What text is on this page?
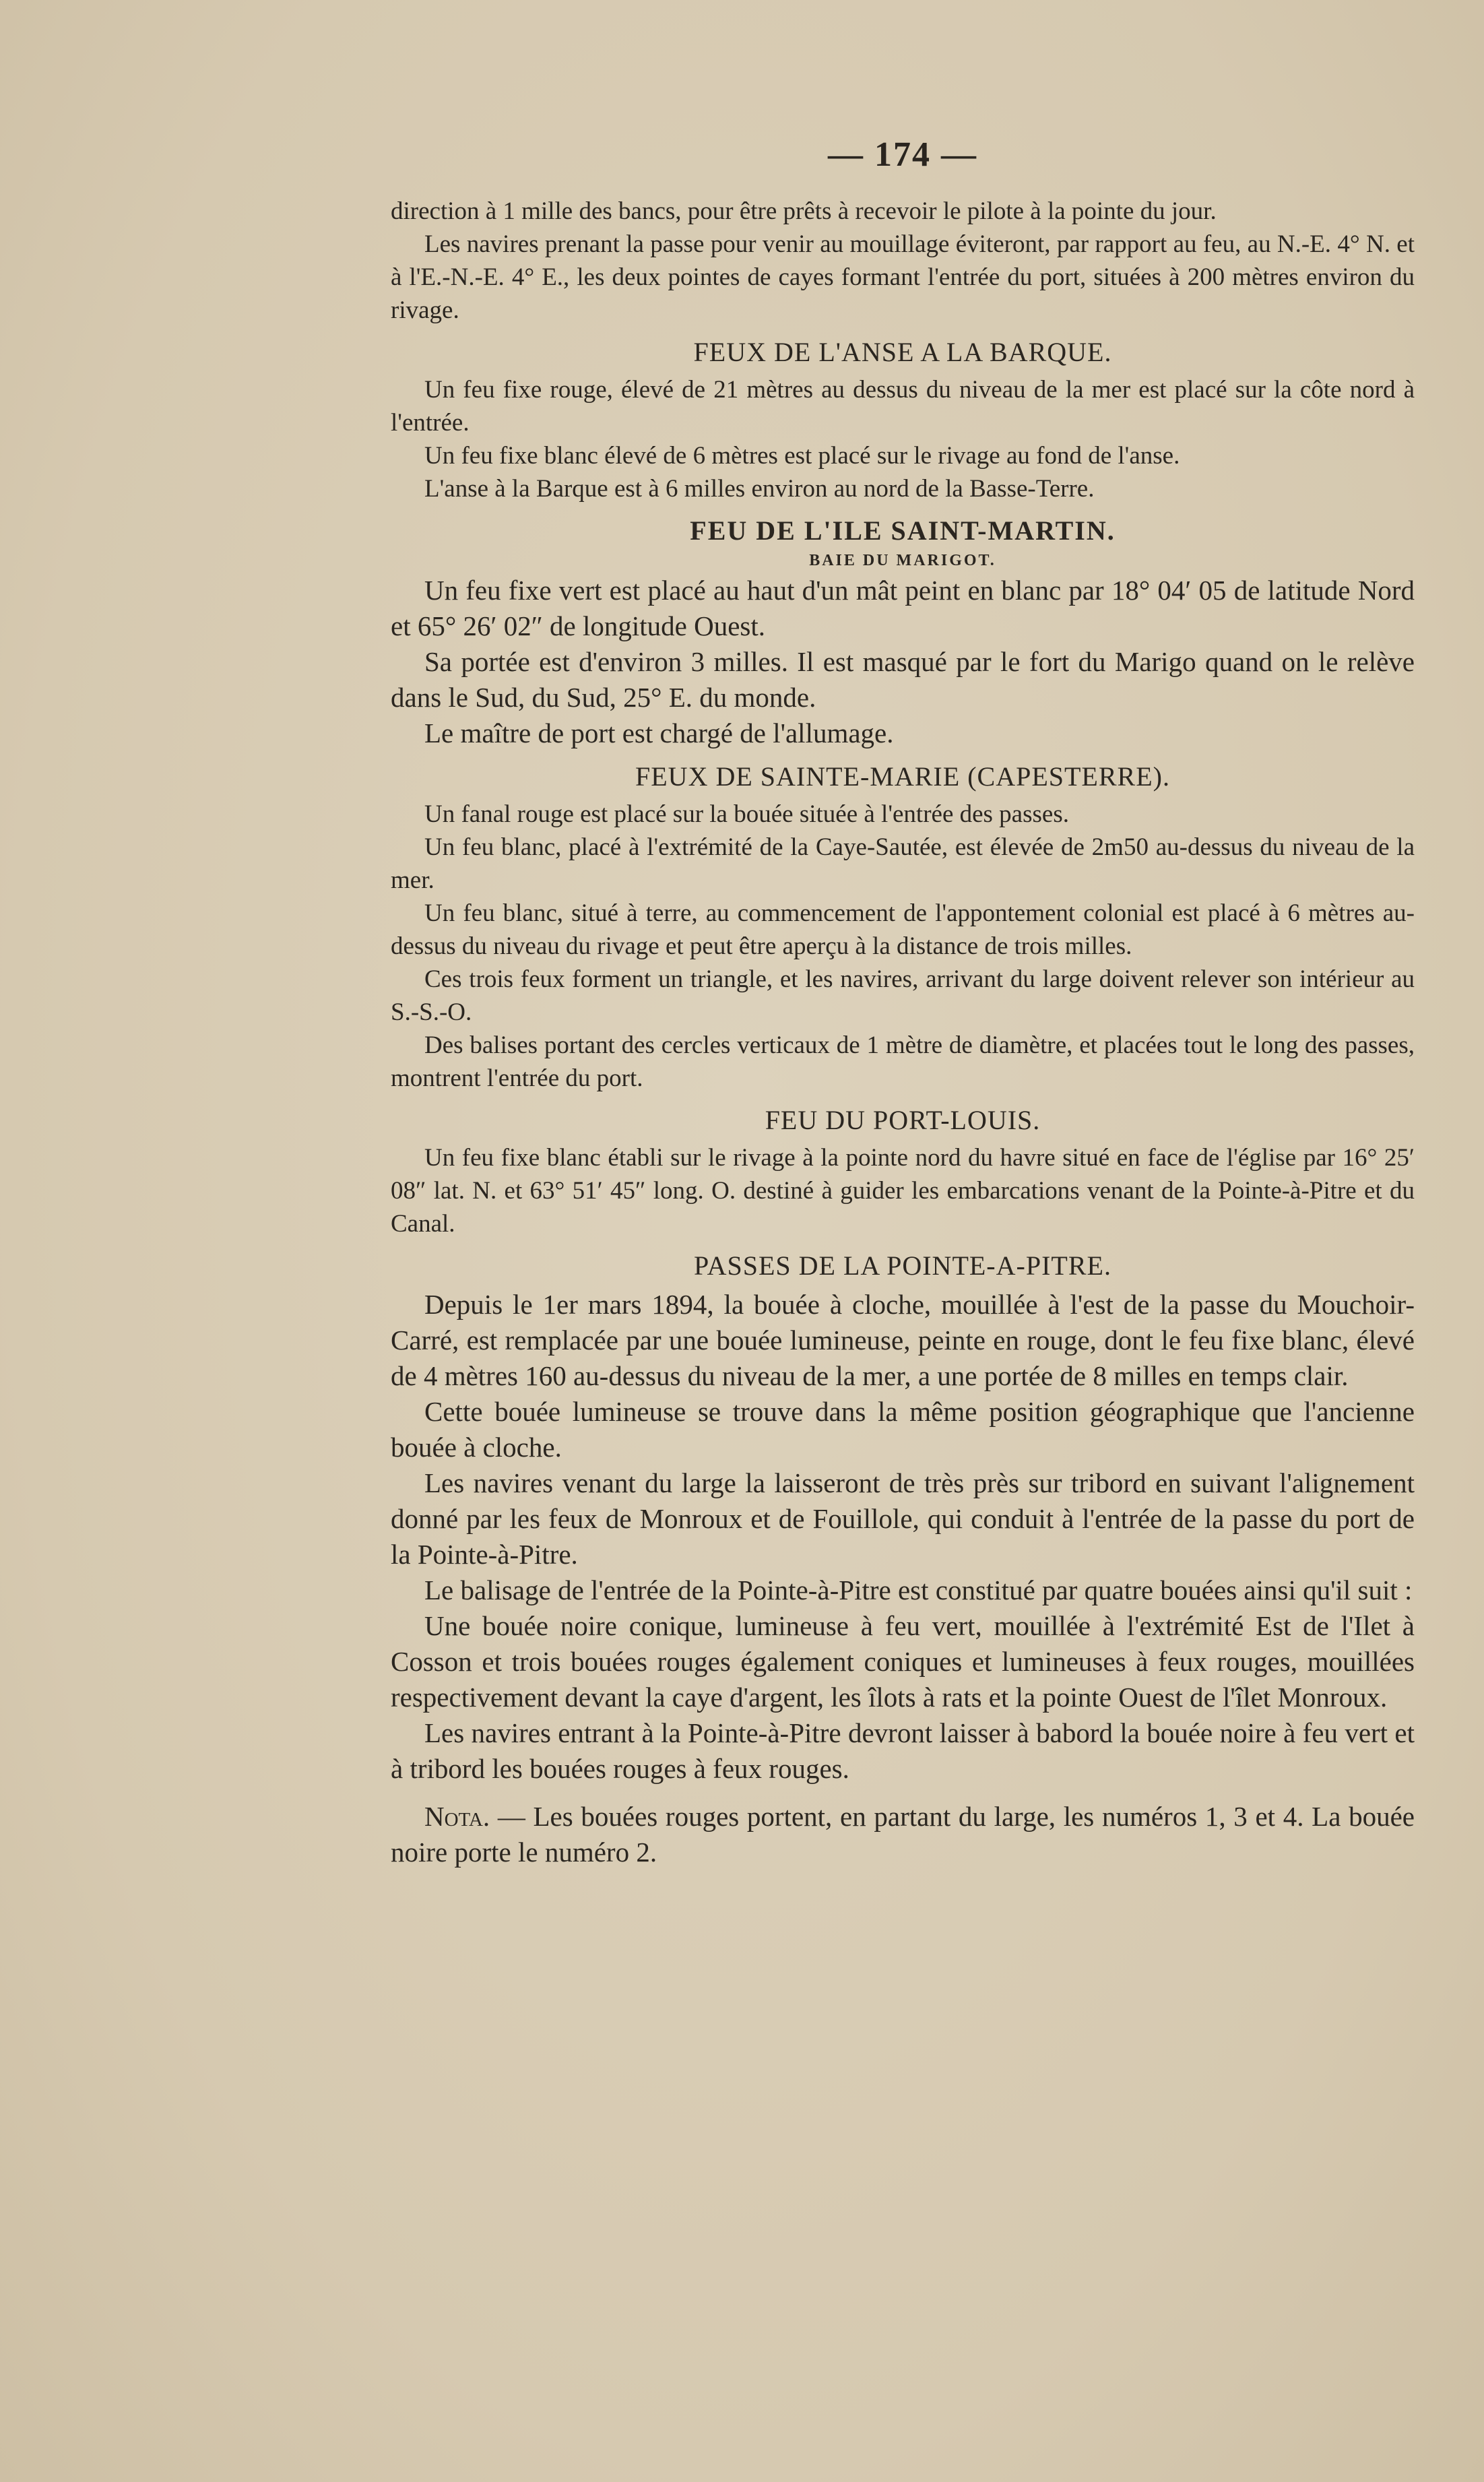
— 174 —

direction à 1 mille des bancs, pour être prêts à recevoir le pilote à la pointe du jour.

Les navires prenant la passe pour venir au mouillage éviteront, par rapport au feu, au N.-E. 4° N. et à l'E.-N.-E. 4° E., les deux pointes de cayes formant l'entrée du port, situées à 200 mètres environ du rivage.

FEUX DE L'ANSE A LA BARQUE.

Un feu fixe rouge, élevé de 21 mètres au dessus du niveau de la mer est placé sur la côte nord à l'entrée.

Un feu fixe blanc élevé de 6 mètres est placé sur le rivage au fond de l'anse.

L'anse à la Barque est à 6 milles environ au nord de la Basse-Terre.

FEU DE L'ILE SAINT-MARTIN.
BAIE DU MARIGOT.

Un feu fixe vert est placé au haut d'un mât peint en blanc par 18° 04′ 05 de latitude Nord et 65° 26′ 02″ de longitude Ouest.

Sa portée est d'environ 3 milles. Il est masqué par le fort du Marigo quand on le relève dans le Sud, du Sud, 25° E. du monde.

Le maître de port est chargé de l'allumage.

FEUX DE SAINTE-MARIE (CAPESTERRE).

Un fanal rouge est placé sur la bouée située à l'entrée des passes.

Un feu blanc, placé à l'extrémité de la Caye-Sautée, est élevée de 2m50 au-dessus du niveau de la mer.

Un feu blanc, situé à terre, au commencement de l'appontement colonial est placé à 6 mètres au-dessus du niveau du rivage et peut être aperçu à la distance de trois milles.

Ces trois feux forment un triangle, et les navires, arrivant du large doivent relever son intérieur au S.-S.-O.

Des balises portant des cercles verticaux de 1 mètre de diamètre, et placées tout le long des passes, montrent l'entrée du port.

FEU DU PORT-LOUIS.

Un feu fixe blanc établi sur le rivage à la pointe nord du havre situé en face de l'église par 16° 25′ 08″ lat. N. et 63° 51′ 45″ long. O. destiné à guider les embarcations venant de la Pointe-à-Pitre et du Canal.

PASSES DE LA POINTE-A-PITRE.

Depuis le 1er mars 1894, la bouée à cloche, mouillée à l'est de la passe du Mouchoir-Carré, est remplacée par une bouée lumineuse, peinte en rouge, dont le feu fixe blanc, élevé de 4 mètres 160 au-dessus du niveau de la mer, a une portée de 8 milles en temps clair.

Cette bouée lumineuse se trouve dans la même position géographique que l'ancienne bouée à cloche.

Les navires venant du large la laisseront de très près sur tribord en suivant l'alignement donné par les feux de Monroux et de Fouillole, qui conduit à l'entrée de la passe du port de la Pointe-à-Pitre.

Le balisage de l'entrée de la Pointe-à-Pitre est constitué par quatre bouées ainsi qu'il suit :

Une bouée noire conique, lumineuse à feu vert, mouillée à l'extrémité Est de l'Ilet à Cosson et trois bouées rouges également coniques et lumineuses à feux rouges, mouillées respectivement devant la caye d'argent, les îlots à rats et la pointe Ouest de l'îlet Monroux.

Les navires entrant à la Pointe-à-Pitre devront laisser à babord la bouée noire à feu vert et à tribord les bouées rouges à feux rouges.

Nota. — Les bouées rouges portent, en partant du large, les numéros 1, 3 et 4. La bouée noire porte le numéro 2.
